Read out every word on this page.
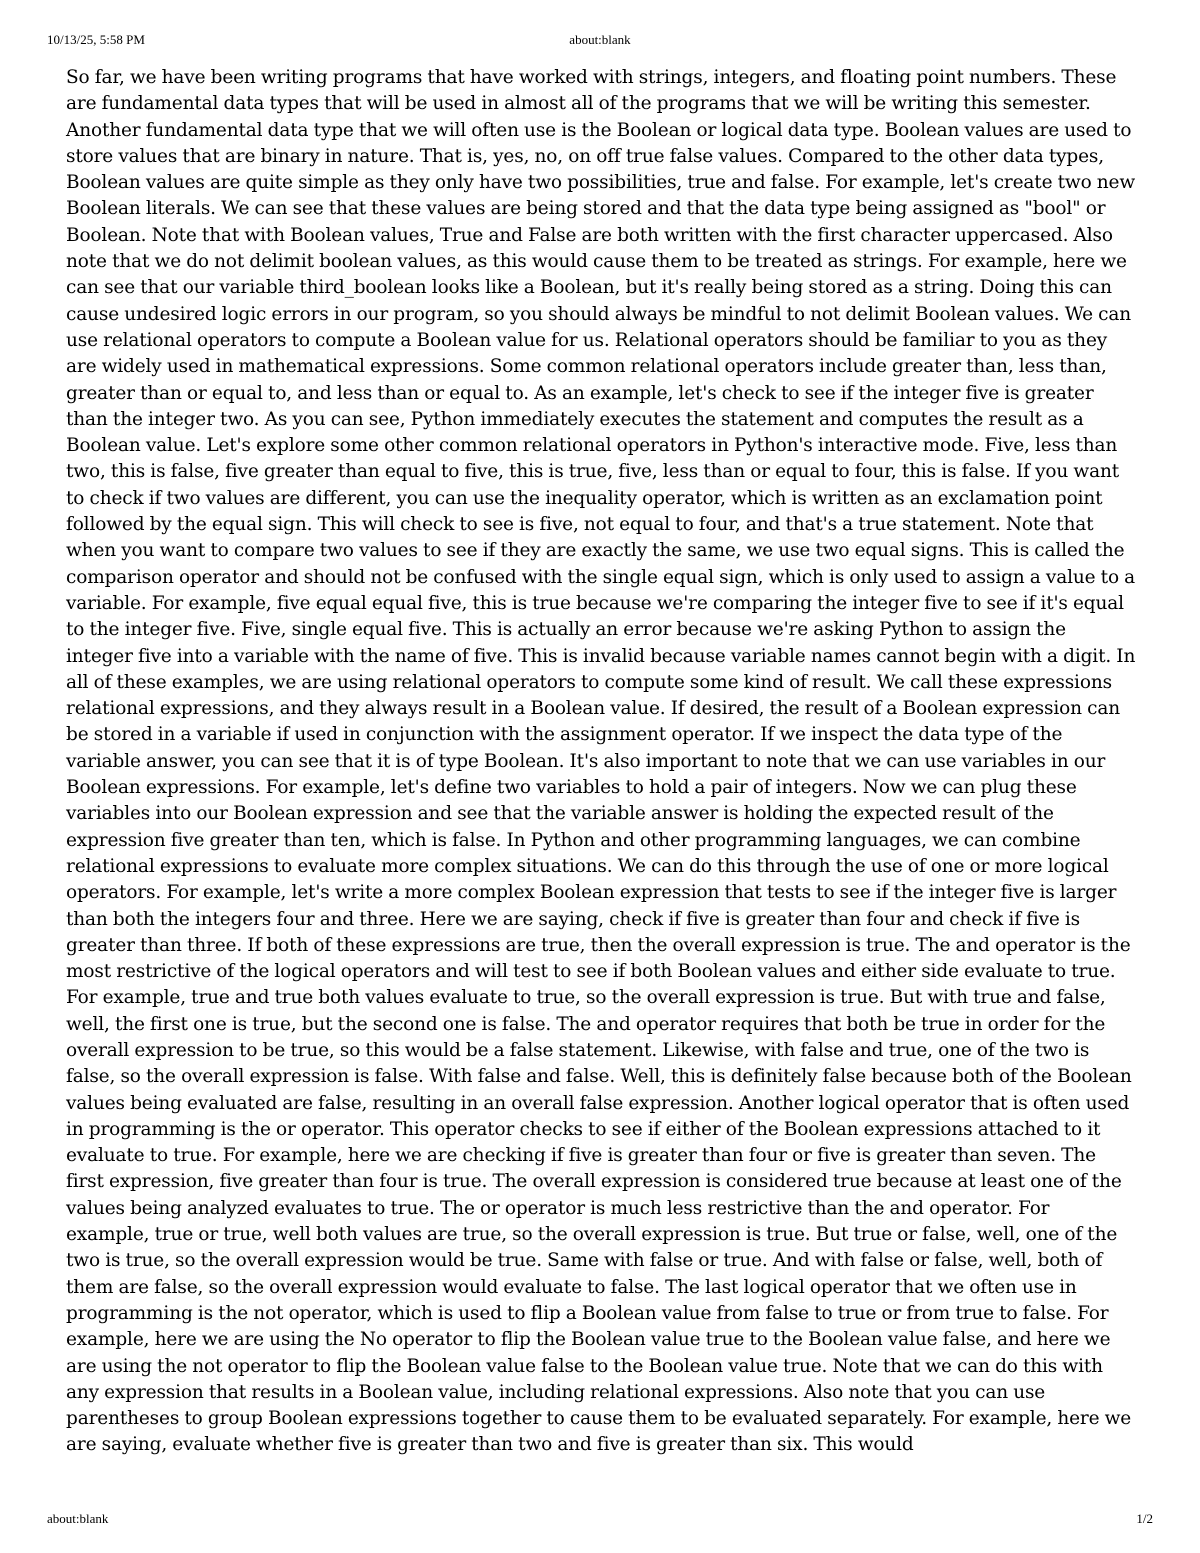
10/13/25, 5:58 PM	about:blank

So far, we have been writing programs that have worked with strings, integers, and floating point numbers. These are fundamental data types that will be used in almost all of the programs that we will be writing this semester. Another fundamental data type that we will often use is the Boolean or logical data type. Boolean values are used to store values that are binary in nature. That is, yes, no, on off true false values. Compared to the other data types, Boolean values are quite simple as they only have two possibilities, true and false. For example, let's create two new Boolean literals. We can see that these values are being stored and that the data type being assigned as "bool" or Boolean. Note that with Boolean values, True and False are both written with the first character uppercased. Also note that we do not delimit boolean values, as this would cause them to be treated as strings. For example, here we can see that our variable third_boolean looks like a Boolean, but it's really being stored as a string. Doing this can cause undesired logic errors in our program, so you should always be mindful to not delimit Boolean values. We can use relational operators to compute a Boolean value for us. Relational operators should be familiar to you as they are widely used in mathematical expressions. Some common relational operators include greater than, less than, greater than or equal to, and less than or equal to. As an example, let's check to see if the integer five is greater than the integer two. As you can see, Python immediately executes the statement and computes the result as a Boolean value. Let's explore some other common relational operators in Python's interactive mode. Five, less than two, this is false, five greater than equal to five, this is true, five, less than or equal to four, this is false. If you want to check if two values are different, you can use the inequality operator, which is written as an exclamation point followed by the equal sign. This will check to see is five, not equal to four, and that's a true statement. Note that when you want to compare two values to see if they are exactly the same, we use two equal signs. This is called the comparison operator and should not be confused with the single equal sign, which is only used to assign a value to a variable. For example, five equal equal five, this is true because we're comparing the integer five to see if it's equal to the integer five. Five, single equal five. This is actually an error because we're asking Python to assign the integer five into a variable with the name of five. This is invalid because variable names cannot begin with a digit. In all of these examples, we are using relational operators to compute some kind of result. We call these expressions relational expressions, and they always result in a Boolean value. If desired, the result of a Boolean expression can be stored in a variable if used in conjunction with the assignment operator. If we inspect the data type of the variable answer, you can see that it is of type Boolean. It's also important to note that we can use variables in our Boolean expressions. For example, let's define two variables to hold a pair of integers. Now we can plug these variables into our Boolean expression and see that the variable answer is holding the expected result of the expression five greater than ten, which is false. In Python and other programming languages, we can combine relational expressions to evaluate more complex situations. We can do this through the use of one or more logical operators. For example, let's write a more complex Boolean expression that tests to see if the integer five is larger than both the integers four and three. Here we are saying, check if five is greater than four and check if five is greater than three. If both of these expressions are true, then the overall expression is true. The and operator is the most restrictive of the logical operators and will test to see if both Boolean values and either side evaluate to true. For example, true and true both values evaluate to true, so the overall expression is true. But with true and false, well, the first one is true, but the second one is false. The and operator requires that both be true in order for the overall expression to be true, so this would be a false statement. Likewise, with false and true, one of the two is false, so the overall expression is false. With false and false. Well, this is definitely false because both of the Boolean values being evaluated are false, resulting in an overall false expression. Another logical operator that is often used in programming is the or operator. This operator checks to see if either of the Boolean expressions attached to it evaluate to true. For example, here we are checking if five is greater than four or five is greater than seven. The first expression, five greater than four is true. The overall expression is considered true because at least one of the values being analyzed evaluates to true. The or operator is much less restrictive than the and operator. For example, true or true, well both values are true, so the overall expression is true. But true or false, well, one of the two is true, so the overall expression would be true. Same with false or true. And with false or false, well, both of them are false, so the overall expression would evaluate to false. The last logical operator that we often use in programming is the not operator, which is used to flip a Boolean value from false to true or from true to false. For example, here we are using the No operator to flip the Boolean value true to the Boolean value false, and here we are using the not operator to flip the Boolean value false to the Boolean value true. Note that we can do this with any expression that results in a Boolean value, including relational expressions. Also note that you can use parentheses to group Boolean expressions together to cause them to be evaluated separately. For example, here we are saying, evaluate whether five is greater than two and five is greater than six. This would

about:blank	1/2
